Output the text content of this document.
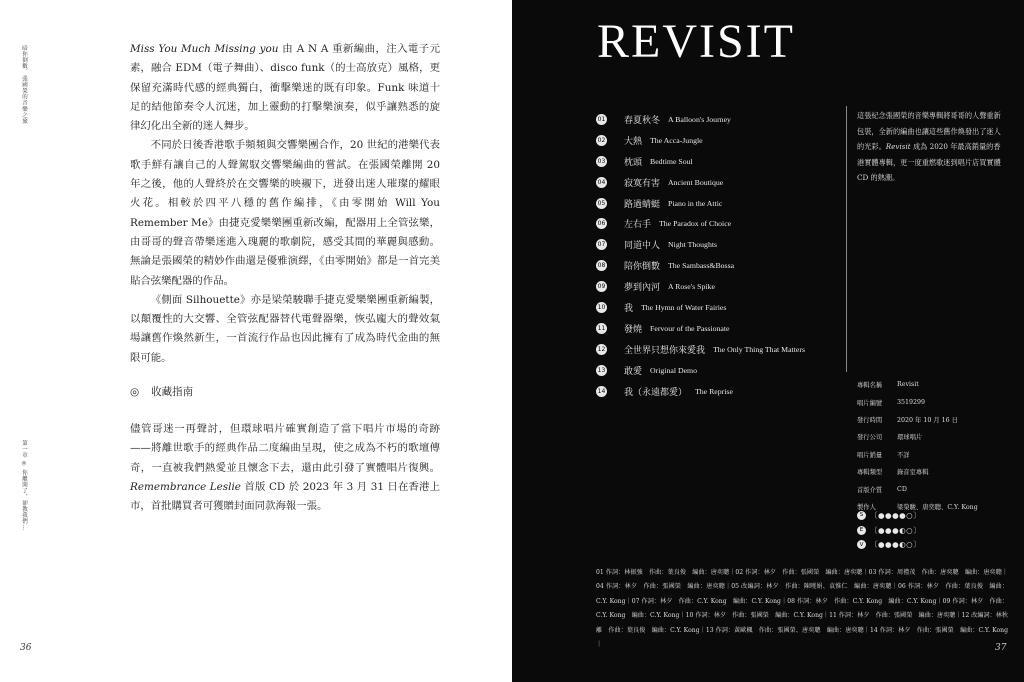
暗你倒數．張國榮的音樂之旅
第一章 ◎ 你離開了，卻教我們…

Miss You Much Missing you 由 A N A 重新編曲，注入電子元素，融合 EDM（電子舞曲）、disco funk（的士高放克）風格，更保留充滿時代感的經典獨白，衝擊樂迷的既有印象。Funk 味道十足的結他節奏令人沉迷，加上靈動的打擊樂演奏，似乎讓熟悉的旋律幻化出全新的迷人舞步。

不同於日後香港歌手頻頻與交響樂團合作，20 世紀的港樂代表歌手鮮有讓自己的人聲駕馭交響樂編曲的嘗試。在張國榮離開 20 年之後，他的人聲終於在交響樂的映襯下，迸發出迷人璀璨的耀眼火花。相較於四平八穩的舊作編排，《由零開始 Will You Remember Me》由捷克愛樂樂團重新改編，配器用上全管弦樂，由哥哥的聲音帶樂迷進入瑰麗的歌劇院，感受其間的華麗與感動。無論是張國榮的精妙作曲還是優雅演繹，《由零開始》都是一首完美貼合弦樂配器的作品。

《側面 Silhouette》亦是梁榮駿聯手捷克愛樂樂團重新編製，以顛覆性的大交響、全管弦配器替代電聲器樂，恢弘龐大的聲效氣場讓舊作煥然新生，一首流行作品也因此擁有了成為時代金曲的無限可能。

◎ 收藏指南

儘管哥迷一再聲討，但環球唱片確實創造了當下唱片市場的奇跡——將離世歌手的經典作品二度編曲呈現，使之成為不朽的歌壇傳奇，一直被我們熱愛並且懷念下去，還由此引發了實體唱片復興。Remembrance Leslie 首版 CD 於 2023 年 3 月 31 日在香港上市，首批購買者可獲贈封面同款海報一張。

36
REVISIT
01 春夏秋冬 A Balloon's Journey
02 大熱 The Acca-Jungle
03 枕頭 Bedtime Soul
04 寂寞有害 Ancient Boutique
05 路過蜻蜓 Piano in the Attic
06 左右手 The Paradox of Choice
07 同道中人 Night Thoughts
08 陪你倒數 The Sambass&Bossa
09 夢到內河 A Rose's Spike
10 我 The Hymn of Water Fairies
11 發燒 Fervour of the Passionate
12 全世界只想你來愛我 The Only Thing That Matters
13 敢愛 Original Demo
14 我（永遠都愛） The Reprise
這張紀念張國榮的音樂專輯將哥哥的人聲重新包裝，全新的編曲也讓這些舊作煥發出了迷人的光彩。Revisit 成為 2020 年最高銷量的香港實體專輯，更一度重燃歌迷到唱片店買實體 CD 的熱潮。
專輯名稱	Revisit
唱片編號	3519299
發行時間	2020 年 10 月 16 日
發行公司	環球唱片
唱片銷量	不詳
專輯類型	錄音室專輯
首版介質	CD
製作人	梁榮駿、唐奕聰、C.Y. Kong
S 〔●●●●○〕
E 〔●●●◐○〕
V 〔●●●◐○〕
01 作詞：林振強　作曲：葉良俊　編曲：唐奕聰｜02 作詞：林夕　作曲：張國榮　編曲：唐奕聰｜03 作詞：周禮茂　作曲：唐奕聰　編曲：唐奕聰｜04 作詞：林夕　作曲：張國榮　編曲：唐奕聰｜05 改編詞：林夕　作曲：陳曉娟、袁惟仁　編曲：唐奕聰｜06 作詞：林夕　作曲：葉良俊　編曲：C.Y. Kong｜07 作詞：林夕　作曲：C.Y. Kong　編曲：C.Y. Kong｜08 作詞：林夕　作曲：C.Y. Kong　編曲：C.Y. Kong｜09 作詞：林夕　作曲：C.Y. Kong　編曲：C.Y. Kong｜10 作詞：林夕　作曲：張國榮　編曲：C.Y. Kong｜11 作詞：林夕　作曲：張國榮　編曲：唐奕聰｜12 改編詞：林秋離　作曲：葉良俊　編曲：C.Y. Kong｜13 作詞：黃歐楓　作曲：張國榮、唐奕聰　編曲：唐奕聰｜14 作詞：林夕　作曲：張國榮　編曲：C.Y. Kong｜	37
